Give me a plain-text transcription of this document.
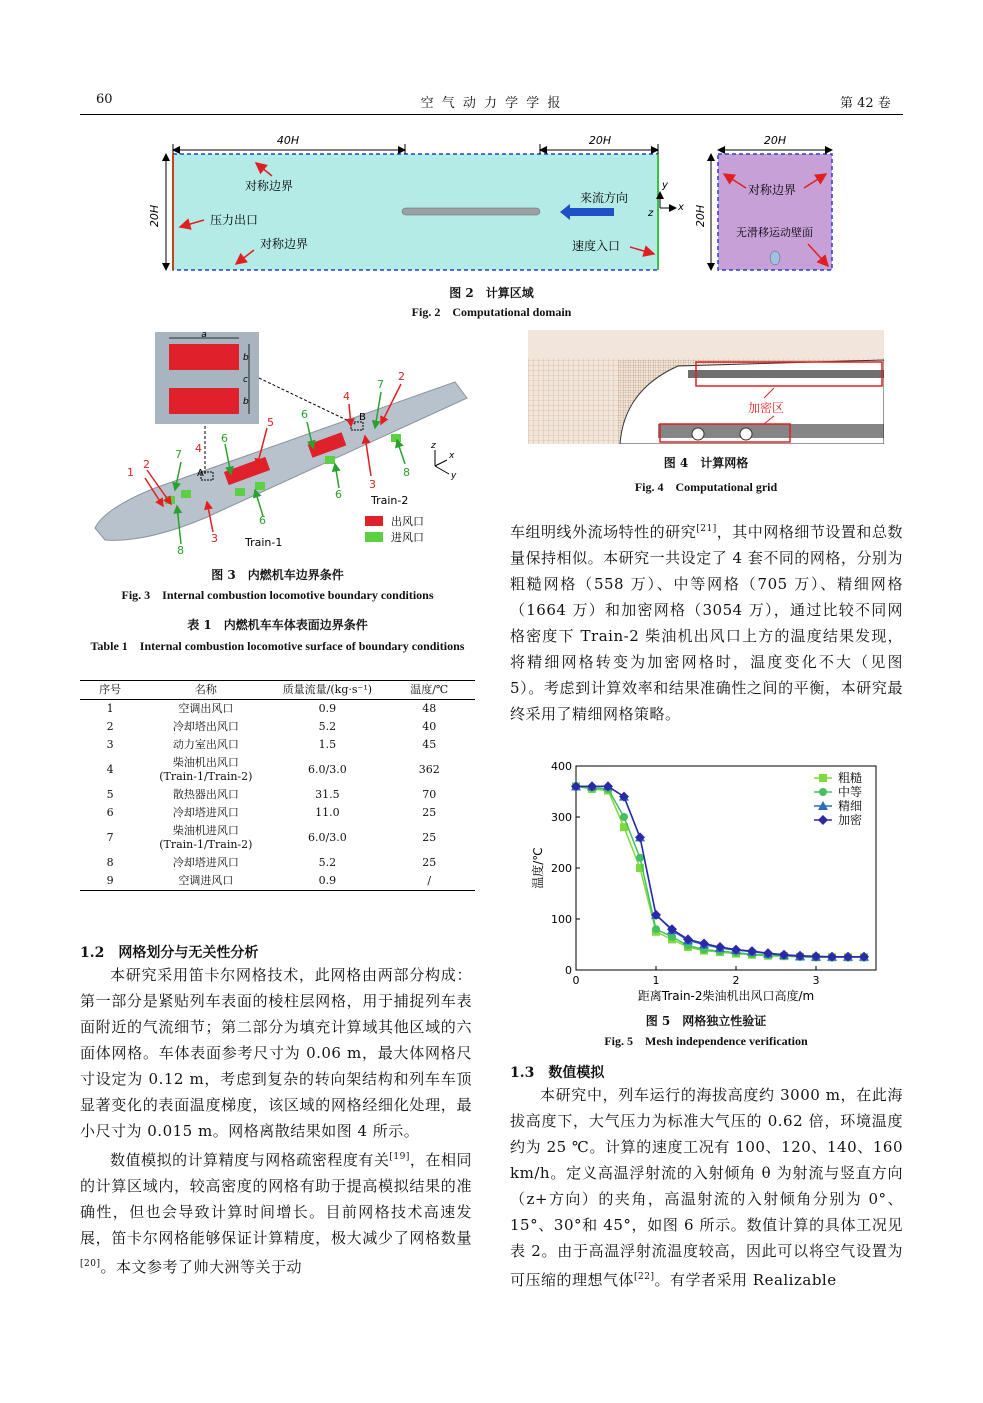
60	空 气 动 力 学 学 报	第 42 卷
40H	20H
20H
对称边界
压力出口
对称边界
来流方向
速度入口
y
z
x
20H
20H
对称边界
无滑移运动壁面
图 2　计算区域
Fig. 2　Computational domain
a
b
c
b
A
B
1
2
7 4
6
5
4
6
7
2
3
8
3
6
6
8
Train-1
Train-2
z
x
y
出风口
进风口
图 3　内燃机车边界条件
Fig. 3　Internal combustion locomotive boundary conditions
表 1　内燃机车车体表面边界条件
Table 1　Internal combustion locomotive surface of boundary conditions
序号	名称	质量流量/(kg·s⁻¹)	温度/℃
1	空调出风口	0.9	48
2	冷却塔出风口	5.2	40
3	动力室出风口	1.5	45
4	柴油机出风口
(Train-1/Train-2)	6.0/3.0	362
5	散热器出风口	31.5	70
6	冷却塔进风口	11.0	25
7	柴油机进风口
(Train-1/Train-2)	6.0/3.0	25
8	冷却塔进风口	5.2	25
9	空调进风口	0.9	/
1.2　网格划分与无关性分析

本研究采用笛卡尔网格技术，此网格由两部分构成：第一部分是紧贴列车表面的棱柱层网格，用于捕捉列车表面附近的气流细节；第二部分为填充计算域其他区域的六面体网格。车体表面参考尺寸为 0.06 m，最大体网格尺寸设定为 0.12 m，考虑到复杂的转向架结构和列车车顶显著变化的表面温度梯度，该区域的网格经细化处理，最小尺寸为 0.015 m。网格离散结果如图 4 所示。

数值模拟的计算精度与网格疏密程度有关[19]，在相同的计算区域内，较高密度的网格有助于提高模拟结果的准确性，但也会导致计算时间增长。目前网格技术高速发展，笛卡尔网格能够保证计算精度，极大减少了网格数量[20]。本文参考了帅大洲等关于动

加密区
图 4　计算网格
Fig. 4　Computational grid

车组明线外流场特性的研究[21]，其中网格细节设置和总数量保持相似。本研究一共设定了 4 套不同的网格，分别为粗糙网格（558 万）、中等网格（705 万）、精细网格（1664 万）和加密网格（3054 万），通过比较不同网格密度下 Train-2 柴油机出风口上方的温度结果发现，将精细网格转变为加密网格时，温度变化不大（见图 5）。考虑到计算效率和结果准确性之间的平衡，本研究最终采用了精细网格策略。

0
100
200
300
400
0	1	2	3
距离Train-2柴油机出风口高度/m
温度/℃
粗糙
中等
精细
加密
图 5　网格独立性验证
Fig. 5　Mesh independence verification
1.3　数值模拟

本研究中，列车运行的海拔高度约 3000 m，在此海拔高度下，大气压力为标准大气压的 0.62 倍，环境温度约为 25 ℃。计算的速度工况有 100、120、140、160 km/h。定义高温浮射流的入射倾角 θ 为射流与竖直方向（z+方向）的夹角，高温射流的入射倾角分别为 0°、15°、30°和 45°，如图 6 所示。数值计算的具体工况见表 2。由于高温浮射流温度较高，因此可以将空气设置为可压缩的理想气体[22]。有学者采用 Realizable
